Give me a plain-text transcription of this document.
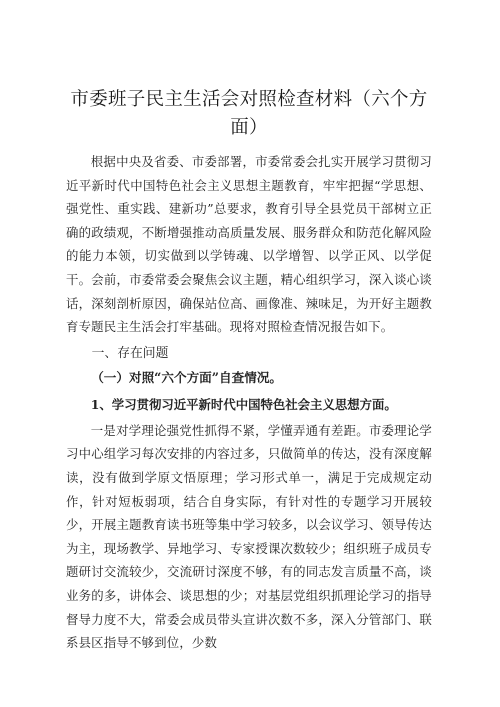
市委班子民主生活会对照检查材料（六个方
面）

根据中央及省委、市委部署，市委常委会扎实开展学习贯彻习近平新时代中国特色社会主义思想主题教育，牢牢把握“学思想、强党性、重实践、建新功”总要求，教育引导全县党员干部树立正确的政绩观，不断增强推动高质量发展、服务群众和防范化解风险的能力本领，切实做到以学铸魂、以学增智、以学正风、以学促干。会前，市委常委会聚焦会议主题，精心组织学习，深入谈心谈话，深刻剖析原因，确保站位高、画像准、辣味足，为开好主题教育专题民主生活会打牢基础。现将对照检查情况报告如下。

一、存在问题
（一）对照“六个方面”自查情况。
1、学习贯彻习近平新时代中国特色社会主义思想方面。

一是对学理论强党性抓得不紧，学懂弄通有差距。市委理论学习中心组学习每次安排的内容过多，只做简单的传达，没有深度解读，没有做到学原文悟原理；学习形式单一，满足于完成规定动作，针对短板弱项，结合自身实际，有针对性的专题学习开展较少，开展主题教育读书班等集中学习较多，以会议学习、领导传达为主，现场教学、异地学习、专家授课次数较少；组织班子成员专题研讨交流较少，交流研讨深度不够，有的同志发言质量不高，谈业务的多，讲体会、谈思想的少；对基层党组织抓理论学习的指导督导力度不大，常委会成员带头宣讲次数不多，深入分管部门、联系县区指导不够到位，少数
